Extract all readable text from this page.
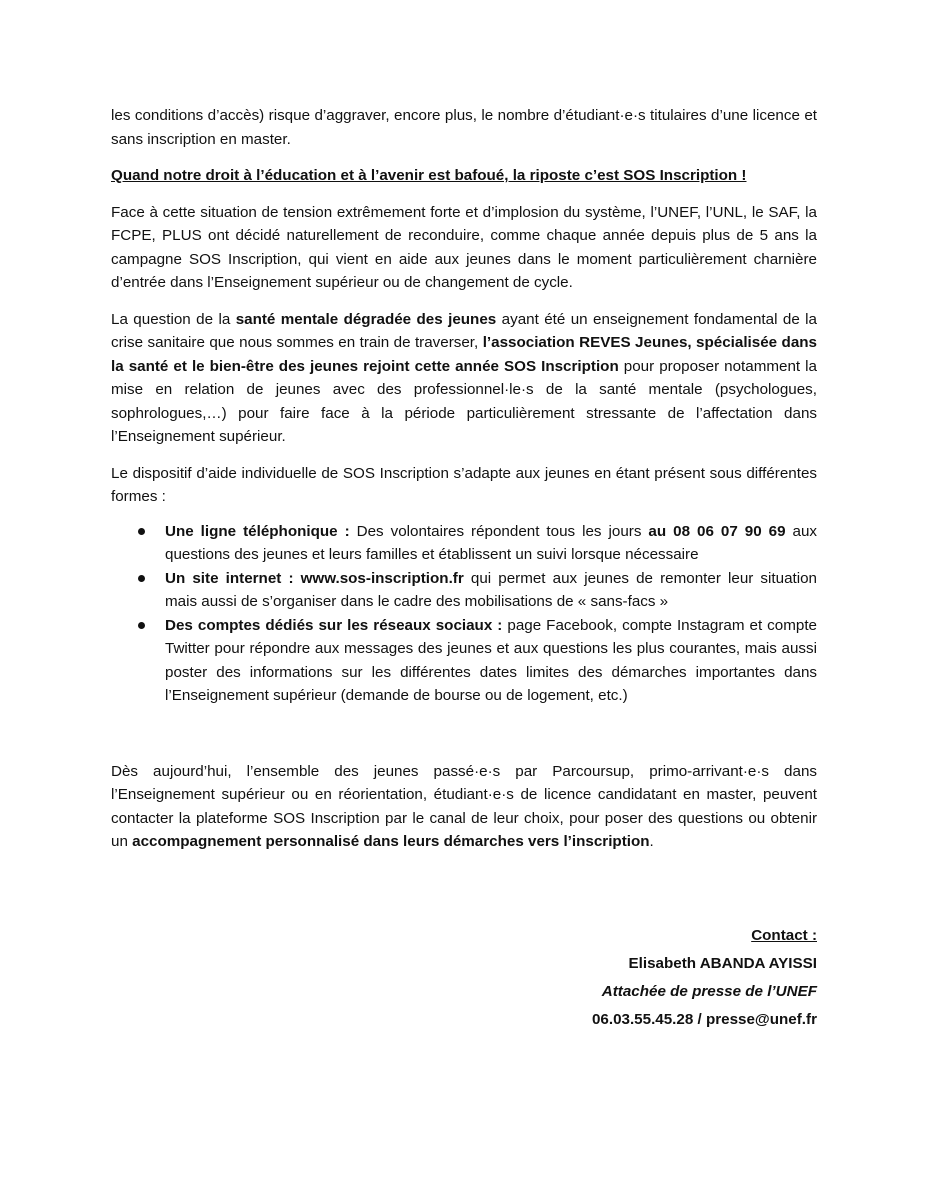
les conditions d’accès) risque d’aggraver, encore plus, le nombre d’étudiant·e·s titulaires d’une licence et sans inscription en master.

Quand notre droit à l’éducation et à l’avenir est bafoué, la riposte c’est SOS Inscription !

Face à cette situation de tension extrêmement forte et d’implosion du système, l’UNEF, l’UNL, le SAF, la FCPE, PLUS ont décidé naturellement de reconduire, comme chaque année depuis plus de 5 ans la campagne SOS Inscription, qui vient en aide aux jeunes dans le moment particulièrement charnière d’entrée dans l’Enseignement supérieur ou de changement de cycle.

La question de la santé mentale dégradée des jeunes ayant été un enseignement fondamental de la crise sanitaire que nous sommes en train de traverser, l’association REVES Jeunes, spécialisée dans la santé et le bien-être des jeunes rejoint cette année SOS Inscription pour proposer notamment la mise en relation de jeunes avec des professionnel·le·s de la santé mentale (psychologues, sophrologues,…) pour faire face à la période particulièrement stressante de l’affectation dans l’Enseignement supérieur.

Le dispositif d’aide individuelle de SOS Inscription s’adapte aux jeunes en étant présent sous différentes formes :

Une ligne téléphonique : Des volontaires répondent tous les jours au 08 06 07 90 69 aux questions des jeunes et leurs familles et établissent un suivi lorsque nécessaire
Un site internet : www.sos-inscription.fr qui permet aux jeunes de remonter leur situation mais aussi de s’organiser dans le cadre des mobilisations de « sans-facs »
Des comptes dédiés sur les réseaux sociaux : page Facebook, compte Instagram et compte Twitter pour répondre aux messages des jeunes et aux questions les plus courantes, mais aussi poster des informations sur les différentes dates limites des démarches importantes dans l’Enseignement supérieur (demande de bourse ou de logement, etc.)

Dès aujourd’hui, l’ensemble des jeunes passé·e·s par Parcoursup, primo-arrivant·e·s dans l’Enseignement supérieur ou en réorientation, étudiant·e·s de licence candidatant en master, peuvent contacter la plateforme SOS Inscription par le canal de leur choix, pour poser des questions ou obtenir un accompagnement personnalisé dans leurs démarches vers l’inscription.

Contact :
Elisabeth ABANDA AYISSI
Attachée de presse de l’UNEF
06.03.55.45.28 / presse@unef.fr
